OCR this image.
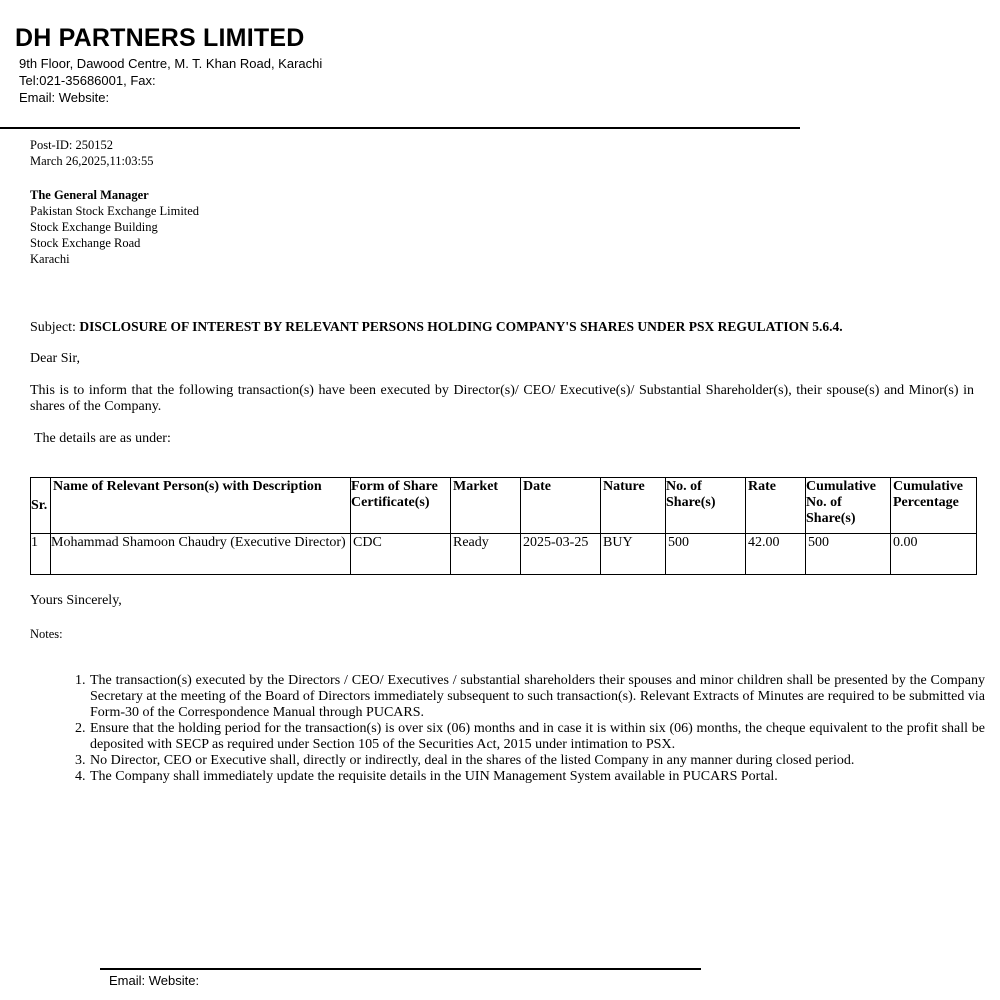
DH PARTNERS LIMITED
9th Floor, Dawood Centre, M. T. Khan Road, Karachi
Tel:021-35686001, Fax:
Email: Website:
Post-ID: 250152
March 26,2025,11:03:55
The General Manager
Pakistan Stock Exchange Limited
Stock Exchange Building
Stock Exchange Road
Karachi
Subject: DISCLOSURE OF INTEREST BY RELEVANT PERSONS HOLDING COMPANY'S SHARES UNDER PSX REGULATION 5.6.4.
Dear Sir,
This is to inform that the following transaction(s) have been executed by Director(s)/ CEO/ Executive(s)/ Substantial Shareholder(s), their spouse(s) and Minor(s) in shares of the Company.
The details are as under:
Sr.	Name of Relevant Person(s) with Description	Form of Share Certificate(s)	Market	Date	Nature	No. of Share(s)	Rate	Cumulative No. of Share(s)	Cumulative Percentage
1	Mohammad Shamoon Chaudry (Executive Director)	CDC	Ready	2025-03-25	BUY	500	42.00	500	0.00
Yours Sincerely,
Notes:
The transaction(s) executed by the Directors / CEO/ Executives / substantial shareholders their spouses and minor children shall be presented by the Company Secretary at the meeting of the Board of Directors immediately subsequent to such transaction(s). Relevant Extracts of Minutes are required to be submitted via Form-30 of the Correspondence Manual through PUCARS.
Ensure that the holding period for the transaction(s) is over six (06) months and in case it is within six (06) months, the cheque equivalent to the profit shall be deposited with SECP as required under Section 105 of the Securities Act, 2015 under intimation to PSX.
No Director, CEO or Executive shall, directly or indirectly, deal in the shares of the listed Company in any manner during closed period.
The Company shall immediately update the requisite details in the UIN Management System available in PUCARS Portal.
Email: Website:
